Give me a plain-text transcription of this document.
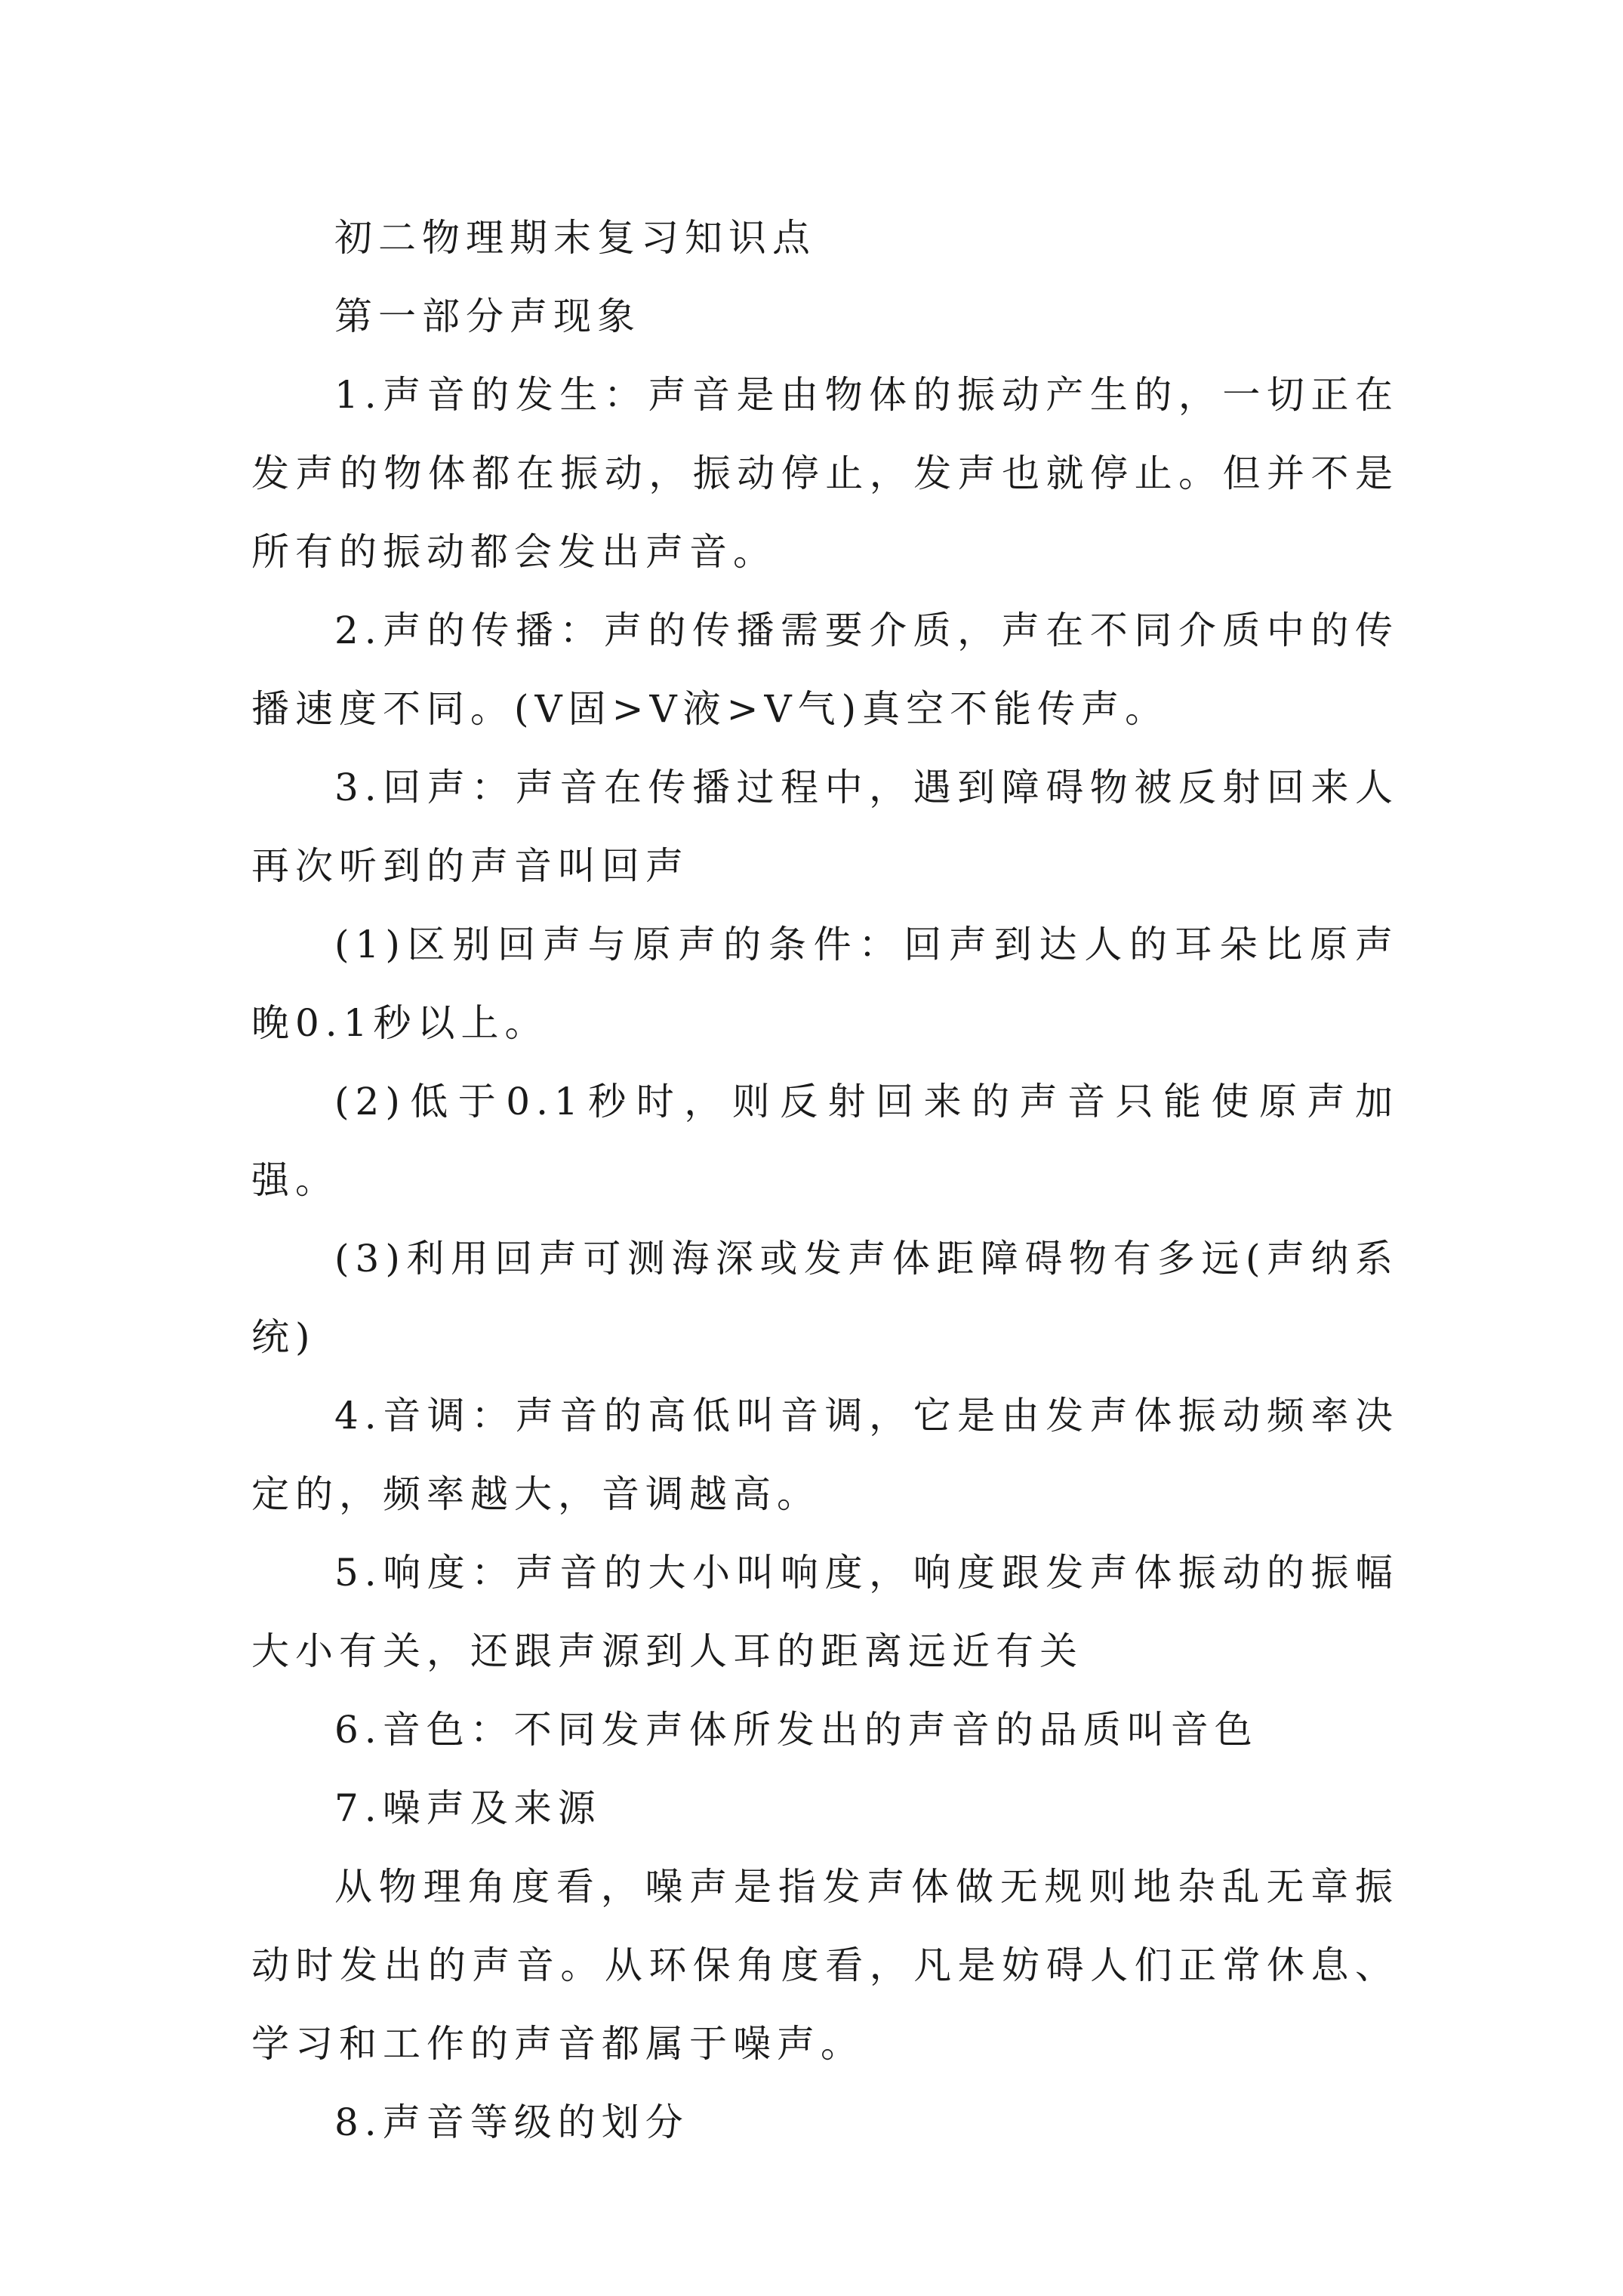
初二物理期末复习知识点

第一部分声现象

1.声音的发生：声音是由物体的振动产生的，一切正在发声的物体都在振动，振动停止，发声也就停止。但并不是所有的振动都会发出声音。

2.声的传播：声的传播需要介质，声在不同介质中的传播速度不同。(V固>V液>V气)真空不能传声。

3.回声：声音在传播过程中，遇到障碍物被反射回来人再次听到的声音叫回声

(1)区别回声与原声的条件：回声到达人的耳朵比原声晚0.1秒以上。

(2)低于0.1秒时，则反射回来的声音只能使原声加强。

(3)利用回声可测海深或发声体距障碍物有多远(声纳系统)

4.音调：声音的高低叫音调，它是由发声体振动频率决定的，频率越大，音调越高。

5.响度：声音的大小叫响度，响度跟发声体振动的振幅大小有关，还跟声源到人耳的距离远近有关

6.音色：不同发声体所发出的声音的品质叫音色

7.噪声及来源

从物理角度看，噪声是指发声体做无规则地杂乱无章振动时发出的声音。从环保角度看，凡是妨碍人们正常休息、学习和工作的声音都属于噪声。

8.声音等级的划分
